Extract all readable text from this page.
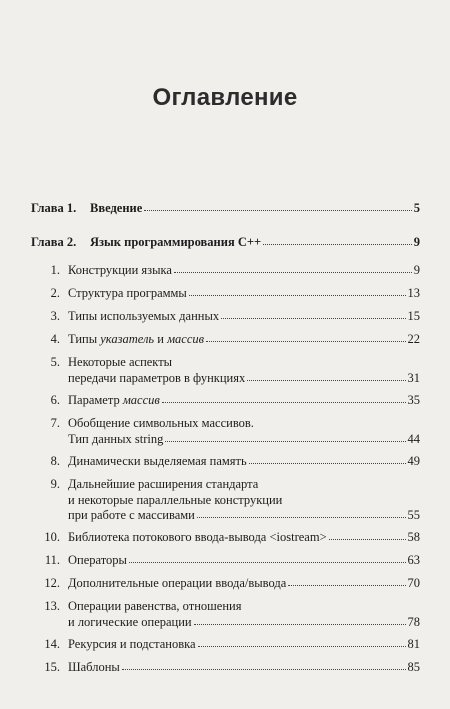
Оглавление
Глава 1. Введение	5
Глава 2. Язык программирования C++	9
1. Конструкции языка	9
2. Структура программы	13
3. Типы используемых данных	15
4. Типы указатель и массив	22
5. Некоторые аспекты
передачи параметров в функциях	31
6. Параметр массив	35
7. Обобщение символьных массивов.
Тип данных string	44
8. Динамически выделяемая память	49
9. Дальнейшие расширения стандарта
и некоторые параллельные конструкции
при работе с массивами	55
10. Библиотека потокового ввода-вывода <iostream>	58
11. Операторы	63
12. Дополнительные операции ввода/вывода	70
13. Операции равенства, отношения
и логические операции	78
14. Рекурсия и подстановка	81
15. Шаблоны	85
